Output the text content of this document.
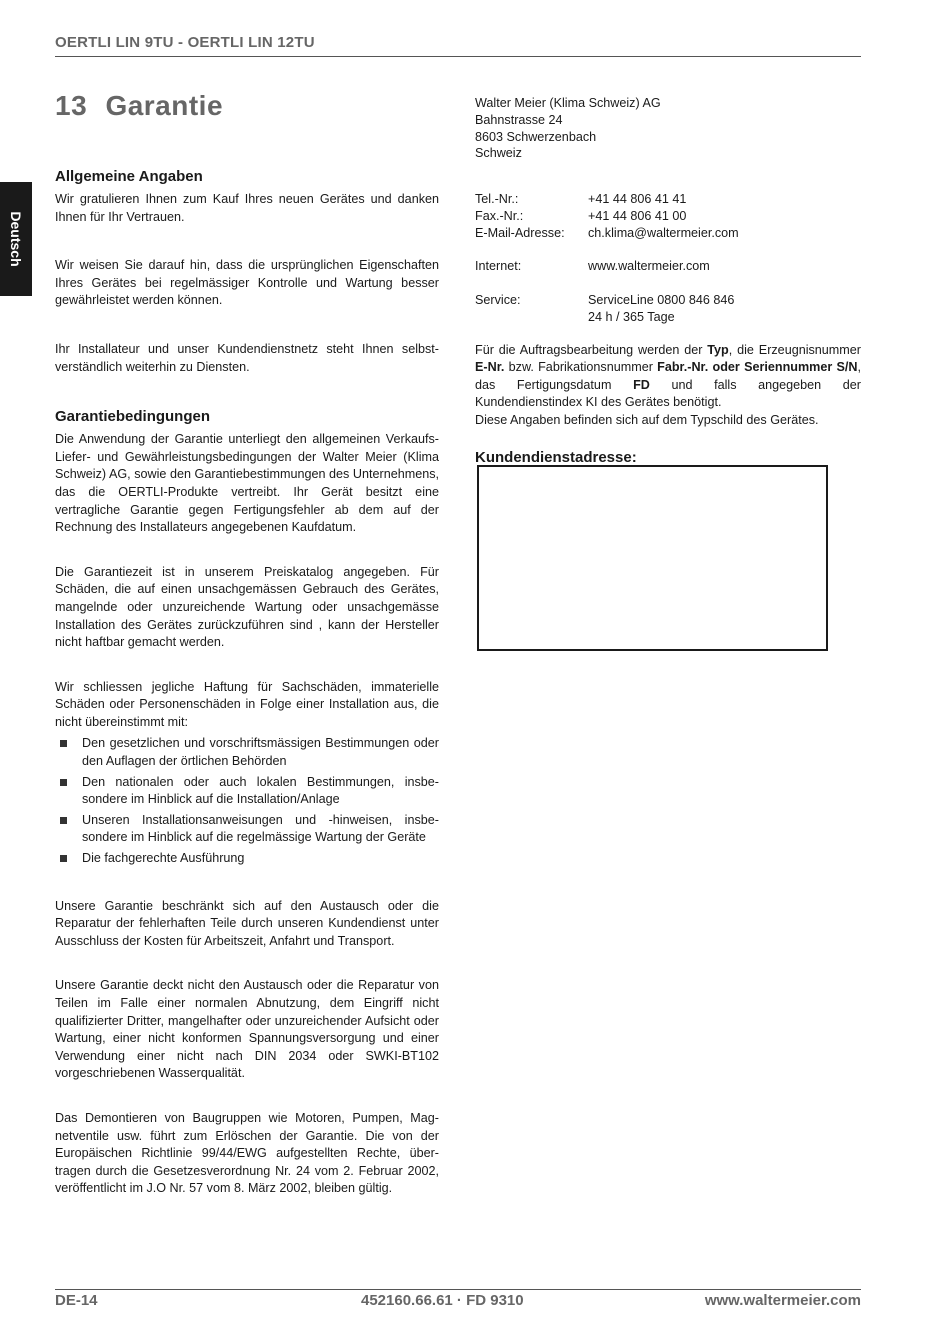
OERTLI LIN 9TU - OERTLI LIN 12TU
Deutsch
13 Garantie
Allgemeine Angaben

Wir gratulieren Ihnen zum Kauf Ihres neuen Gerätes und danken Ihnen für Ihr Vertrauen.

Wir weisen Sie darauf hin, dass die ursprünglichen Eigenschaften Ihres Gerätes bei regelmässiger Kontrolle und Wartung besser gewährleistet werden können.

Ihr Installateur und unser Kundendienstnetz steht Ihnen selbstverständlich weiterhin zu Diensten.

Garantiebedingungen

Die Anwendung der Garantie unterliegt den allgemeinen Verkaufs- Liefer- und Gewährleistungsbedingungen der Walter Meier (Klima Schweiz) AG, sowie den Garantiebestimmungen des Unternehmens, das die OERTLI-Produkte vertreibt. Ihr Gerät besitzt eine vertragliche Garantie gegen Fertigungsfehler ab dem auf der Rechnung des Installateurs angegebenen Kaufdatum.

Die Garantiezeit ist in unserem Preiskatalog angegeben. Für Schäden, die auf einen unsachgemässen Gebrauch des Gerätes, mangelnde oder unzureichende Wartung oder unsachgemässe Installation des Gerätes zurückzuführen sind , kann der Hersteller nicht haftbar gemacht werden.

Wir schliessen jegliche Haftung für Sachschäden, immaterielle Schäden oder Personenschäden in Folge einer Installation aus, die nicht übereinstimmt mit:

Den gesetzlichen und vorschriftsmässigen Bestimmungen oder den Auflagen der örtlichen Behörden
Den nationalen oder auch lokalen Bestimmungen, insbesondere im Hinblick auf die Installation/Anlage
Unseren Installationsanweisungen und -hinweisen, insbesondere im Hinblick auf die regelmässige Wartung der Geräte
Die fachgerechte Ausführung

Unsere Garantie beschränkt sich auf den Austausch oder die Reparatur der fehlerhaften Teile durch unseren Kundendienst unter Ausschluss der Kosten für Arbeitszeit, Anfahrt und Transport.

Unsere Garantie deckt nicht den Austausch oder die Reparatur von Teilen im Falle einer normalen Abnutzung, dem Eingriff nicht qualifizierter Dritter, mangelhafter oder unzureichender Aufsicht oder Wartung, einer nicht konformen Spannungsversorgung und einer Verwendung einer nicht nach DIN 2034 oder SWKI-BT102 vorgeschriebenen Wasserqualität.

Das Demontieren von Baugruppen wie Motoren, Pumpen, Magnetventile usw. führt zum Erlöschen der Garantie. Die von der Europäischen Richtlinie 99/44/EWG aufgestellten Rechte, übertragen durch die Gesetzesverordnung Nr. 24 vom 2. Februar 2002, veröffentlicht im J.O Nr. 57 vom 8. März 2002, bleiben gültig.

Walter Meier (Klima Schweiz) AG
Bahnstrasse 24
8603 Schwerzenbach
Schweiz
Tel.-Nr.:	+41 44 806 41 41
Fax.-Nr.:	+41 44 806 41 00
E-Mail-Adresse:	ch.klima@waltermeier.com
Internet:	www.waltermeier.com
Service:	ServiceLine 0800 846 846
24 h / 365 Tage

Für die Auftragsbearbeitung werden der Typ, die Erzeugnisnummer E-Nr. bzw. Fabrikationsnummer Fabr.-Nr. oder Seriennummer S/N, das Fertigungsdatum FD und falls angegeben der Kundendienstindex KI des Gerätes benötigt.

Diese Angaben befinden sich auf dem Typschild des Gerätes.

Kundendienstadresse:
DE-14	452160.66.61 · FD 9310	www.waltermeier.com
